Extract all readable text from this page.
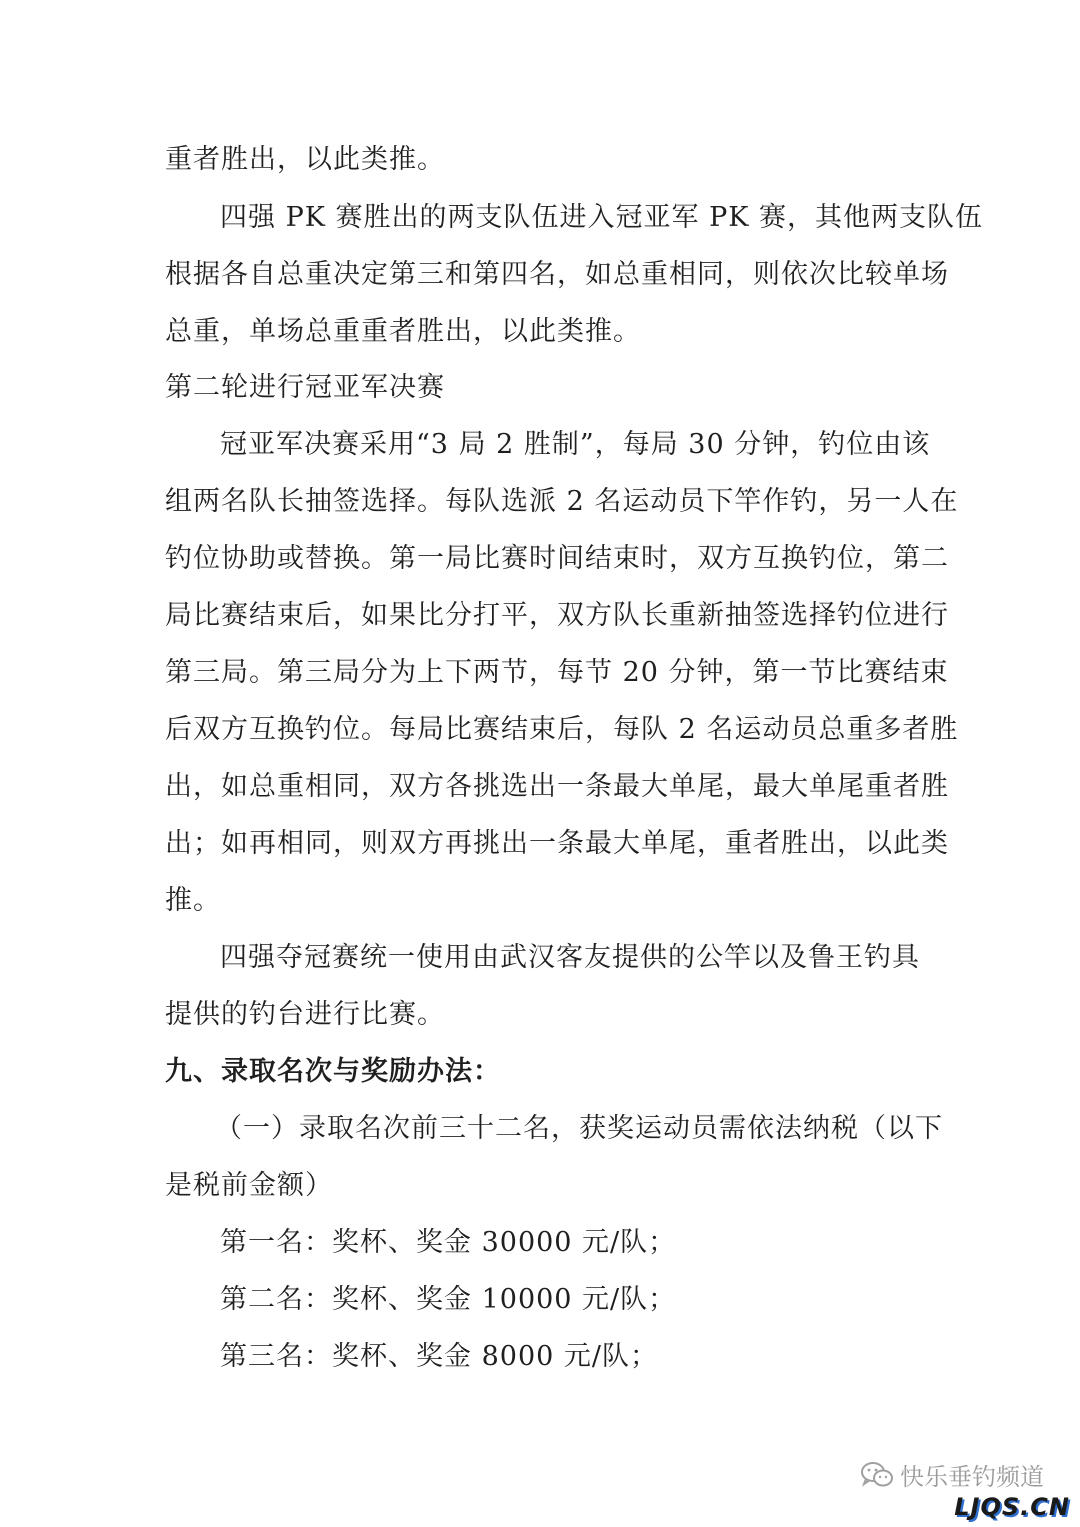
重者胜出，以此类推。
四强 PK 赛胜出的两支队伍进入冠亚军 PK 赛，其他两支队伍
根据各自总重决定第三和第四名，如总重相同，则依次比较单场
总重，单场总重重者胜出，以此类推。
第二轮进行冠亚军决赛
冠亚军决赛采用“3 局 2 胜制”，每局 30 分钟，钓位由该
组两名队长抽签选择。每队选派 2 名运动员下竿作钓，另一人在
钓位协助或替换。第一局比赛时间结束时，双方互换钓位，第二
局比赛结束后，如果比分打平，双方队长重新抽签选择钓位进行
第三局。第三局分为上下两节，每节 20 分钟，第一节比赛结束
后双方互换钓位。每局比赛结束后，每队 2 名运动员总重多者胜
出，如总重相同，双方各挑选出一条最大单尾，最大单尾重者胜
出；如再相同，则双方再挑出一条最大单尾，重者胜出，以此类
推。
四强夺冠赛统一使用由武汉客友提供的公竿以及鲁王钓具
提供的钓台进行比赛。
九、录取名次与奖励办法：
（一）录取名次前三十二名，获奖运动员需依法纳税（以下
是税前金额）
第一名：奖杯、奖金 30000 元/队；
第二名：奖杯、奖金 10000 元/队；
第三名：奖杯、奖金 8000 元/队；
快乐垂钓频道
LJQS.CN
